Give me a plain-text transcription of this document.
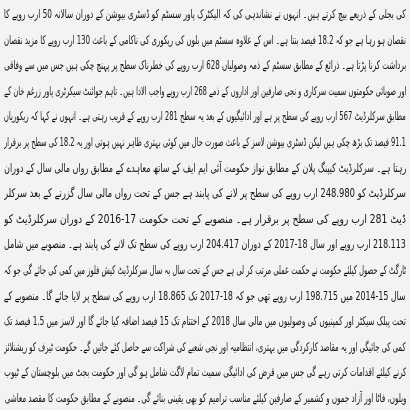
کی بجلی کے ذریعے بیچ کرتے ہیں۔ انہوں نے نشاندہی کی کہ الیکٹرک پاور سسٹم کو ڈسٹری بیوشن کے دوران سالانہ 50 ارب روپے کا
نقصان ہو رہا ہے جو کہ 18.2 فیصد بنتا ہے۔ اس کے علاوہ سسٹم میں بلوں کی ریکوری کی ناکامی کے باعث 130 ارب روپے کا مزید نقصان
برداشت کرنا پڑتا ہے۔ ذرائع کے مطابق سسٹم کے ذمہ وصولیاں 628 ارب روپے کی خطرناک سطح پر پہنچ چکی ہیں جس میں سے وفاقی
اور صوبائی حکومتوں سمیت سرکاری و نجی صارفین اور اداروں کے ذمے 268 ارب روپے واجب الادا ہیں۔ تاہم جوائنٹ سیکرٹری پاور زرغم خان کے
مطابق سرکلرڈیٹ 567 ارب روپے کی سطح پر ہے اور ادائیگیوں کے بعد یہ سطح 281 ارب روپے کے قریب رہتی ہے۔ انہوں نے کہا کہ ریکوریاں
91.1 فیصد تک بڑھ چکی ہیں لیکن ڈسٹری بیوشن لاسز کے باعث صورت حال میں کوئی بہتری ظاہر نہیں ہوتی اور یہ 18.2 کی سطح پر برقرار
رہتا ہے۔ سرکلرڈیٹ کیپنگ پلان کے مطابق نواز حکومت آئی ایم ایف کے ساتھ معاہدے کے مطابق رواں مالی سال کے دوران
سرکلرڈیٹ کو 248.980 ارب روپے کی سطح پر لانے کی پابند ہے جس کے تحت رواں مالی سال گزرنے کے بعد سرکلر
ڈیٹ 281 ارب روپے کی سطح پر برقرار ہے۔ منصوبے کے تحت حکومت 17-2016 کے دوران سرکلرڈیٹ کو
218.113 ارب روپے اور سال 18-2017 کے دوران 204.417 ارب روپے کی سطح تک لانے کی پابند ہے۔ منصوبے میں شامل
ٹارگٹ کے حصول کیلئے حکومت نے حکمت عملی مرتب کر لی ہے جس کے تحت سال بہ سال سرکلرڈیٹ کیش فلوز میں کمی کی جائے گی جو کہ
سال 15-2014 میں 198.715 ارب روپے تھی جو کہ 18-2017 تک 18.865 ارب روپے کی سطح پر لایا جائے گا۔ منصوبے کے
تحت پبلک سیکٹر اور کمپنیوں کی وصولیوں میں مالی سال 2018 کے اختتام تک 15 فیصد اضافہ کیا جائے گا اور لاسز میں 1.5 فیصد تک
کمی کی جائیگی اور یہ مقاصد کارکردگی میں بہتری، انتظامیہ اور نجی شعبے کی شراکت سے حاصل کئے جائیں گے۔ حکومت ٹیرف کو ریشنلائز
کرنے کیلئے اقدامات کرتی رہے گی جس میں قرض کی ادائیگی سمیت تمام لاگت شامل ہو گی اور حکومت بجٹ میں بلوچستان کے ٹیوب
ویلوں، فاٹا اور آزاد جموں و کشمیر کے صارفین کیلئے مناسب ترامیم کو بھی یقینی بنائے گی۔ منصوبے کے مطابق حکومت کا مقصد معاشی
